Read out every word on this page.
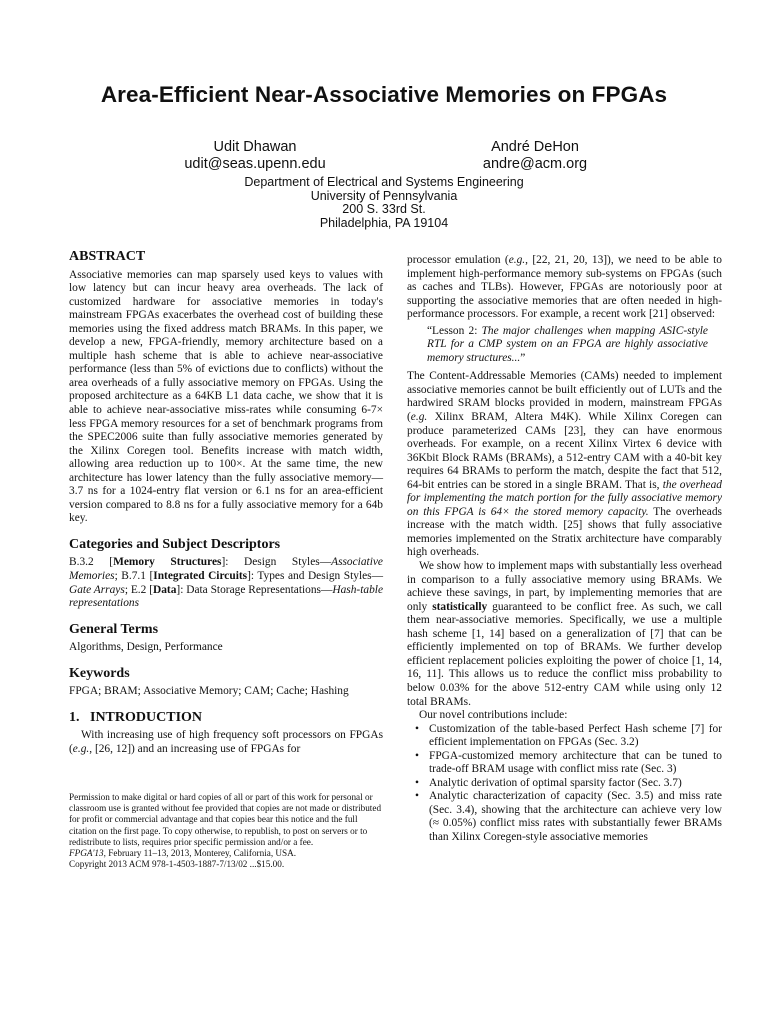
Area-Efficient Near-Associative Memories on FPGAs
Udit Dhawan
udit@seas.upenn.edu
André DeHon
andre@acm.org
Department of Electrical and Systems Engineering
University of Pennsylvania
200 S. 33rd St.
Philadelphia, PA 19104
ABSTRACT

Associative memories can map sparsely used keys to values with low latency but can incur heavy area overheads. The lack of customized hardware for associative memories in today's mainstream FPGAs exacerbates the overhead cost of building these memories using the fixed address match BRAMs. In this paper, we develop a new, FPGA-friendly, memory architecture based on a multiple hash scheme that is able to achieve near-associative performance (less than 5% of evictions due to conflicts) without the area overheads of a fully associative memory on FPGAs. Using the proposed architecture as a 64KB L1 data cache, we show that it is able to achieve near-associative miss-rates while consuming 6-7× less FPGA memory resources for a set of benchmark programs from the SPEC2006 suite than fully associative memories generated by the Xilinx Coregen tool. Benefits increase with match width, allowing area reduction up to 100×. At the same time, the new architecture has lower latency than the fully associative memory—3.7 ns for a 1024-entry flat version or 6.1 ns for an area-efficient version compared to 8.8 ns for a fully associative memory for a 64b key.

Categories and Subject Descriptors

B.3.2 [Memory Structures]: Design Styles—Associative Memories; B.7.1 [Integrated Circuits]: Types and Design Styles—Gate Arrays; E.2 [Data]: Data Storage Representations—Hash-table representations

General Terms

Algorithms, Design, Performance

Keywords

FPGA; BRAM; Associative Memory; CAM; Cache; Hashing

1.   INTRODUCTION

With increasing use of high frequency soft processors on FPGAs (e.g., [26, 12]) and an increasing use of FPGAs for

Permission to make digital or hard copies of all or part of this work for personal or classroom use is granted without fee provided that copies are not made or distributed for profit or commercial advantage and that copies bear this notice and the full citation on the first page. To copy otherwise, to republish, to post on servers or to redistribute to lists, requires prior specific permission and/or a fee.

FPGA'13, February 11–13, 2013, Monterey, California, USA.

Copyright 2013 ACM 978-1-4503-1887-7/13/02 ...$15.00.

processor emulation (e.g., [22, 21, 20, 13]), we need to be able to implement high-performance memory sub-systems on FPGAs (such as caches and TLBs). However, FPGAs are notoriously poor at supporting the associative memories that are often needed in high-performance processors. For example, a recent work [21] observed:

“Lesson 2: The major challenges when mapping ASIC-style RTL for a CMP system on an FPGA are highly associative memory structures...”

The Content-Addressable Memories (CAMs) needed to implement associative memories cannot be built efficiently out of LUTs and the hardwired SRAM blocks provided in modern, mainstream FPGAs (e.g. Xilinx BRAM, Altera M4K). While Xilinx Coregen can produce parameterized CAMs [23], they can have enormous overheads. For example, on a recent Xilinx Virtex 6 device with 36Kbit Block RAMs (BRAMs), a 512-entry CAM with a 40-bit key requires 64 BRAMs to perform the match, despite the fact that 512, 64-bit entries can be stored in a single BRAM. That is, the overhead for implementing the match portion for the fully associative memory on this FPGA is 64× the stored memory capacity. The overheads increase with the match width. [25] shows that fully associative memories implemented on the Stratix architecture have comparably high overheads.

We show how to implement maps with substantially less overhead in comparison to a fully associative memory using BRAMs. We achieve these savings, in part, by implementing memories that are only statistically guaranteed to be conflict free. As such, we call them near-associative memories. Specifically, we use a multiple hash scheme [1, 14] based on a generalization of [7] that can be efficiently implemented on top of BRAMs. We further develop efficient replacement policies exploiting the power of choice [1, 14, 16, 11]. This allows us to reduce the conflict miss probability to below 0.03% for the above 512-entry CAM while using only 12 total BRAMs.

Our novel contributions include:

• Customization of the table-based Perfect Hash scheme [7] for efficient implementation on FPGAs (Sec. 3.2)
• FPGA-customized memory architecture that can be tuned to trade-off BRAM usage with conflict miss rate (Sec. 3)
• Analytic derivation of optimal sparsity factor (Sec. 3.7)
• Analytic characterization of capacity (Sec. 3.5) and miss rate (Sec. 3.4), showing that the architecture can achieve very low (≈ 0.05%) conflict miss rates with substantially fewer BRAMs than Xilinx Coregen-style associative memories
